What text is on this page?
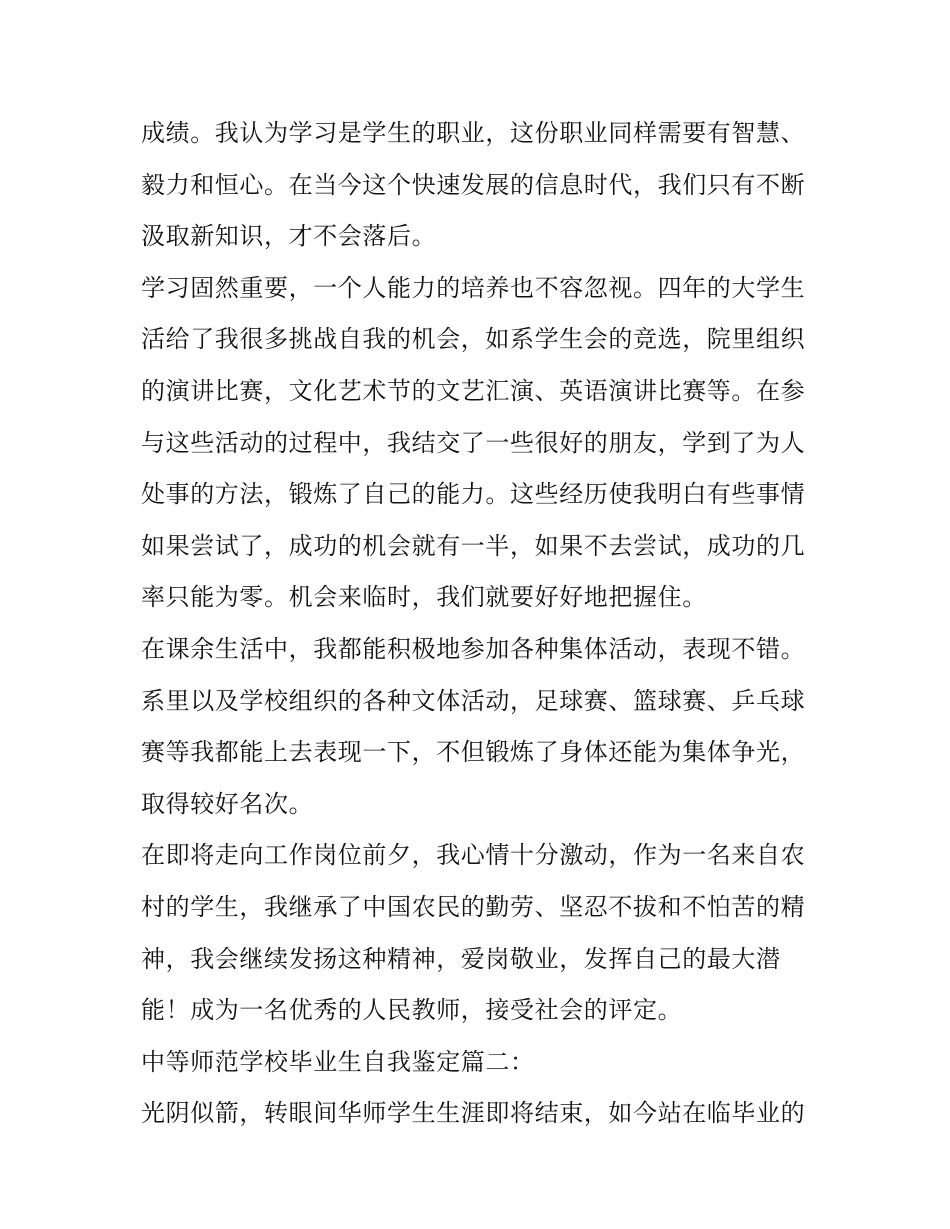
成绩。我认为学习是学生的职业，这份职业同样需要有智慧、
毅力和恒心。在当今这个快速发展的信息时代，我们只有不断
汲取新知识，才不会落后。
学习固然重要，一个人能力的培养也不容忽视。四年的大学生
活给了我很多挑战自我的机会，如系学生会的竞选，院里组织
的演讲比赛，文化艺术节的文艺汇演、英语演讲比赛等。在参
与这些活动的过程中，我结交了一些很好的朋友，学到了为人
处事的方法，锻炼了自己的能力。这些经历使我明白有些事情
如果尝试了，成功的机会就有一半，如果不去尝试，成功的几
率只能为零。机会来临时，我们就要好好地把握住。
在课余生活中，我都能积极地参加各种集体活动，表现不错。
系里以及学校组织的各种文体活动，足球赛、篮球赛、乒乓球
赛等我都能上去表现一下，不但锻炼了身体还能为集体争光，
取得较好名次。
在即将走向工作岗位前夕，我心情十分激动，作为一名来自农
村的学生，我继承了中国农民的勤劳、坚忍不拔和不怕苦的精
神，我会继续发扬这种精神，爱岗敬业，发挥自己的最大潜
能！成为一名优秀的人民教师，接受社会的评定。
中等师范学校毕业生自我鉴定篇二：
光阴似箭，转眼间华师学生生涯即将结束，如今站在临毕业的
